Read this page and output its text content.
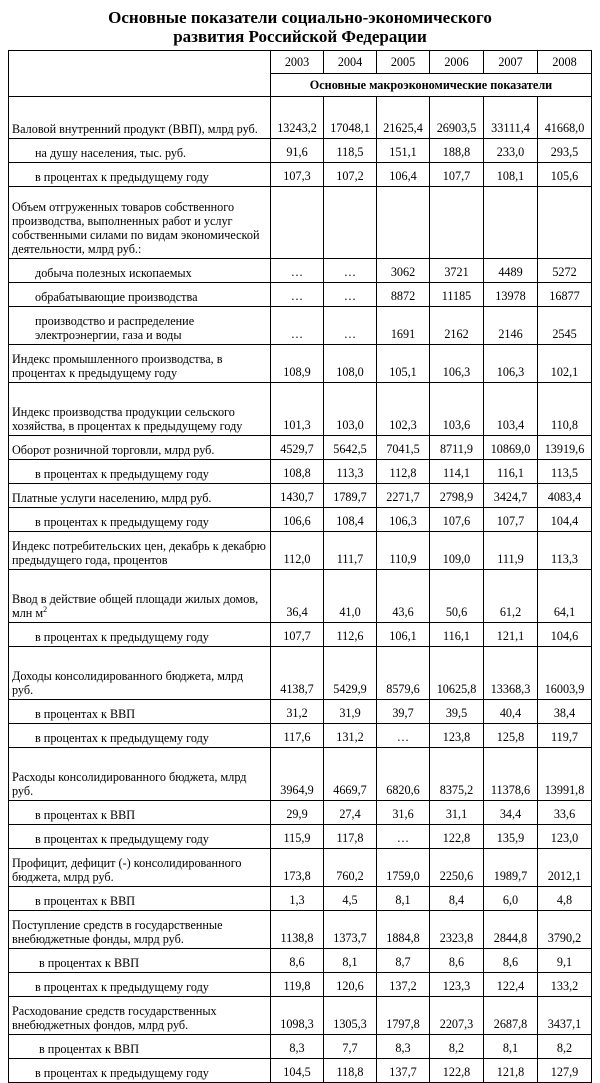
Основные показатели социально-экономического
развития Российской Федерации
	2003	2004	2005	2006	2007	2008
	Основные макроэкономические показатели					
Валовой внутренний продукт (ВВП), млрд руб.	13243,2	17048,1	21625,4	26903,5	33111,4	41668,0
на душу населения, тыс. руб.	91,6	118,5	151,1	188,8	233,0	293,5
в процентах к предыдущему году	107,3	107,2	106,4	107,7	108,1	105,6
Объем отгруженных товаров собственного производства, выполненных работ и услуг собственными силами по видам экономической деятельности, млрд руб.:						
добыча полезных ископаемых	…	…	3062	3721	4489	5272
обрабатывающие производства	…	…	8872	11185	13978	16877
производство и распределение электроэнергии, газа и воды	…	…	1691	2162	2146	2545
Индекс промышленного производства, в процентах к предыдущему году	108,9	108,0	105,1	106,3	106,3	102,1
Индекс производства продукции сельского хозяйства, в процентах к предыдущему году	101,3	103,0	102,3	103,6	103,4	110,8
Оборот розничной торговли, млрд руб.	4529,7	5642,5	7041,5	8711,9	10869,0	13919,6
в процентах к предыдущему году	108,8	113,3	112,8	114,1	116,1	113,5
Платные услуги населению, млрд руб.	1430,7	1789,7	2271,7	2798,9	3424,7	4083,4
в процентах к предыдущему году	106,6	108,4	106,3	107,6	107,7	104,4
Индекс потребительских цен, декабрь к декабрю предыдущего года, процентов	112,0	111,7	110,9	109,0	111,9	113,3
Ввод в действие общей площади жилых домов, млн $м^2$	36,4	41,0	43,6	50,6	61,2	64,1
в процентах к предыдущему году	107,7	112,6	106,1	116,1	121,1	104,6
Доходы консолидированного бюджета, млрд руб.	4138,7	5429,9	8579,6	10625,8	13368,3	16003,9
в процентах к ВВП	31,2	31,9	39,7	39,5	40,4	38,4
в процентах к предыдущему году	117,6	131,2	…	123,8	125,8	119,7
Расходы консолидированного бюджета, млрд руб.	3964,9	4669,7	6820,6	8375,2	11378,6	13991,8
в процентах к ВВП	29,9	27,4	31,6	31,1	34,4	33,6
в процентах к предыдущему году	115,9	117,8	…	122,8	135,9	123,0
Профицит, дефицит (-) консолидированного бюджета, млрд руб.	173,8	760,2	1759,0	2250,6	1989,7	2012,1
в процентах к ВВП	1,3	4,5	8,1	8,4	6,0	4,8
Поступление средств в государственные внебюджетные фонды, млрд руб.	1138,8	1373,7	1884,8	2323,8	2844,8	3790,2
в процентах к ВВП	8,6	8,1	8,7	8,6	8,6	9,1
в процентах к предыдущему году	119,8	120,6	137,2	123,3	122,4	133,2
Расходование средств государственных внебюджетных фондов, млрд руб.	1098,3	1305,3	1797,8	2207,3	2687,8	3437,1
в процентах к ВВП	8,3	7,7	8,3	8,2	8,1	8,2
в процентах к предыдущему году	104,5	118,8	137,7	122,8	121,8	127,9
